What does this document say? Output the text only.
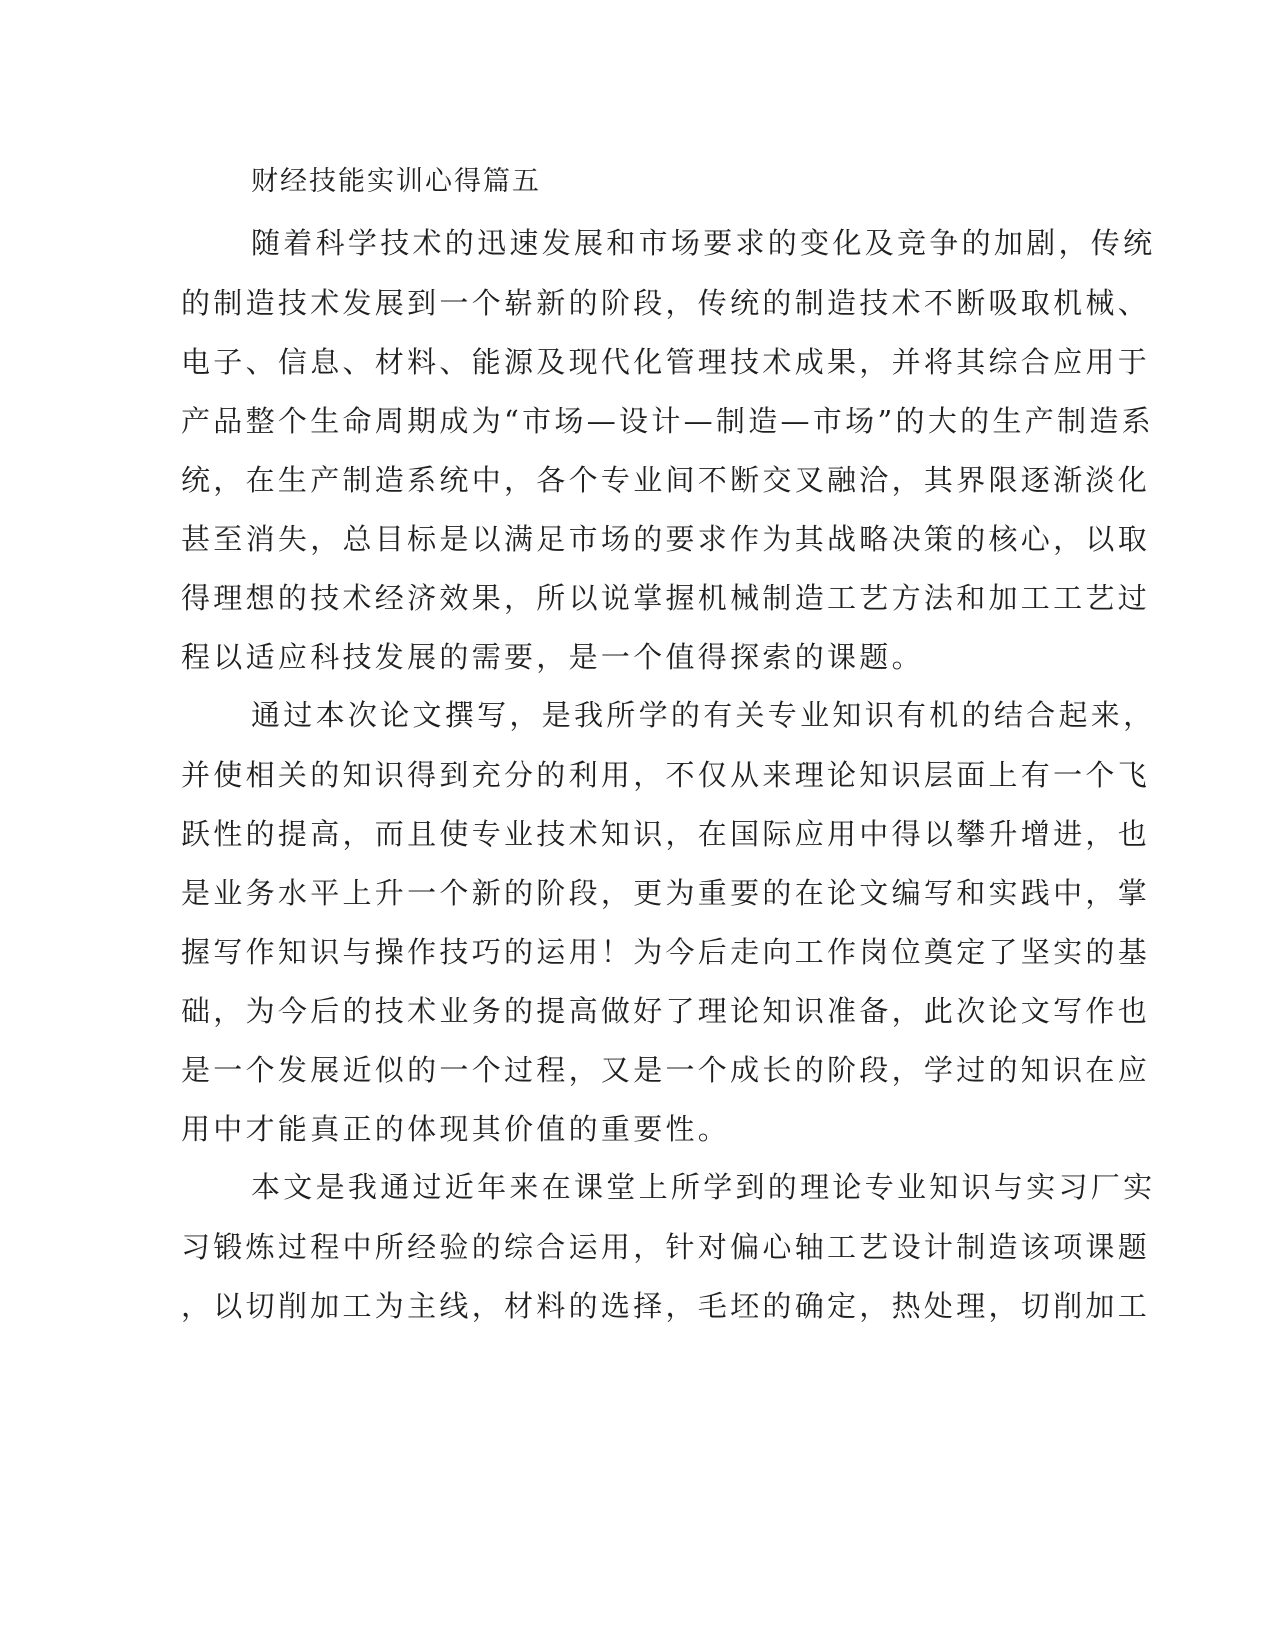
财经技能实训心得篇五
随着科学技术的迅速发展和市场要求的变化及竞争的加剧，传统
的制造技术发展到一个崭新的阶段，传统的制造技术不断吸取机械、
电子、信息、材料、能源及现代化管理技术成果，并将其综合应用于
产品整个生命周期成为“市场—设计—制造—市场”的大的生产制造系
统，在生产制造系统中，各个专业间不断交叉融洽，其界限逐渐淡化
甚至消失，总目标是以满足市场的要求作为其战略决策的核心，以取
得理想的技术经济效果，所以说掌握机械制造工艺方法和加工工艺过
程以适应科技发展的需要，是一个值得探索的课题。
通过本次论文撰写，是我所学的有关专业知识有机的结合起来，
并使相关的知识得到充分的利用，不仅从来理论知识层面上有一个飞
跃性的提高，而且使专业技术知识，在国际应用中得以攀升增进，也
是业务水平上升一个新的阶段，更为重要的在论文编写和实践中，掌
握写作知识与操作技巧的运用！为今后走向工作岗位奠定了坚实的基
础，为今后的技术业务的提高做好了理论知识准备，此次论文写作也
是一个发展近似的一个过程，又是一个成长的阶段，学过的知识在应
用中才能真正的体现其价值的重要性。
本文是我通过近年来在课堂上所学到的理论专业知识与实习厂实
习锻炼过程中所经验的综合运用，针对偏心轴工艺设计制造该项课题
，以切削加工为主线，材料的选择，毛坯的确定，热处理，切削加工
